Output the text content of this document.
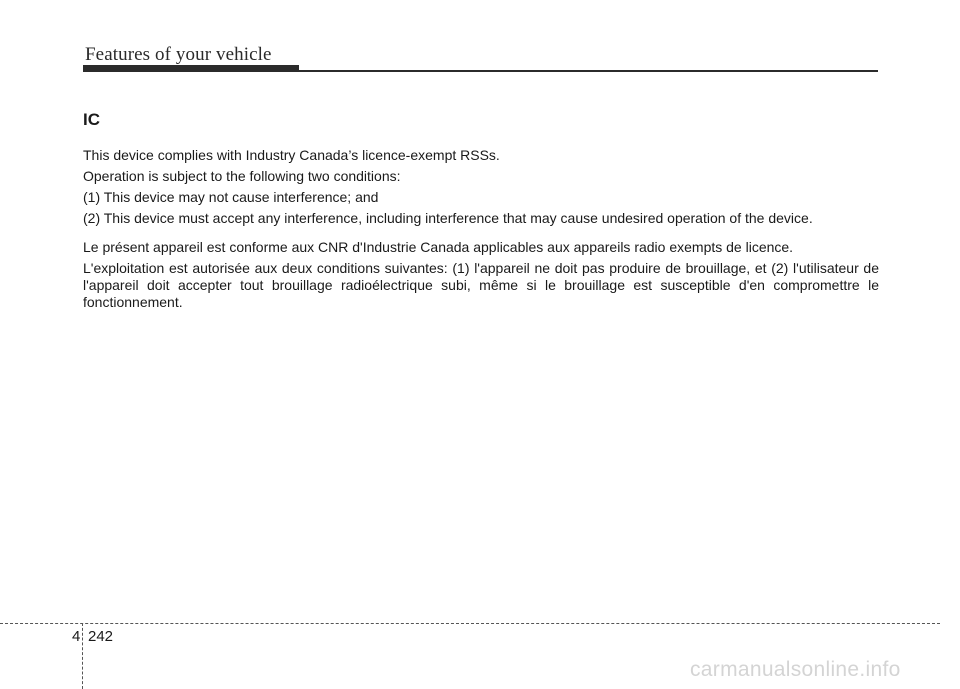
Features of your vehicle
IC

This device complies with Industry Canada’s licence-exempt RSSs.

Operation is subject to the following two conditions:

(1) This device may not cause interference; and

(2) This device must accept any interference, including interference that may cause undesired operation of the device.

Le présent appareil est conforme aux CNR d'Industrie Canada applicables aux appareils radio exempts de licence.

L'exploitation est autorisée aux deux conditions suivantes: (1) l'appareil ne doit pas produire de brouillage, et (2) l'utilisateur de l'appareil doit accepter tout brouillage radioélectrique subi, même si le brouillage est susceptible d'en compromettre le fonctionnement.

4 242
carmanualsonline.info
